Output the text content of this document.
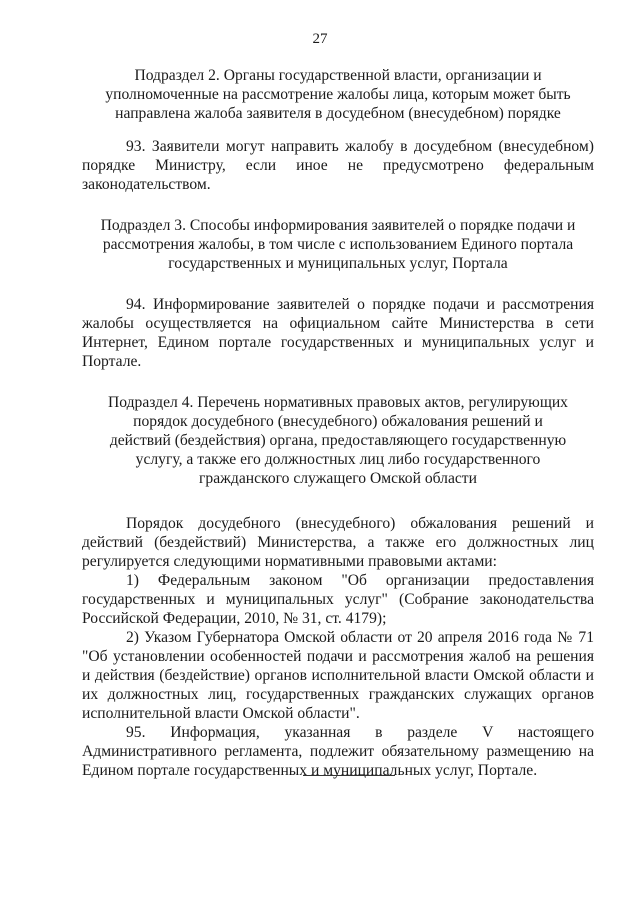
27

Подраздел 2. Органы государственной власти, организации и уполномоченные на рассмотрение жалобы лица, которым может быть направлена жалоба заявителя в досудебном (внесудебном) порядке

93. Заявители могут направить жалобу в досудебном (внесудебном) порядке Министру, если иное не предусмотрено федеральным законодательством.

Подраздел 3. Способы информирования заявителей о порядке подачи и рассмотрения жалобы, в том числе с использованием Единого портала государственных и муниципальных услуг, Портала

94. Информирование заявителей о порядке подачи и рассмотрения жалобы осуществляется на официальном сайте Министерства в сети Интернет, Едином портале государственных и муниципальных услуг и Портале.

Подраздел 4. Перечень нормативных правовых актов, регулирующих порядок досудебного (внесудебного) обжалования решений и действий (бездействия) органа, предоставляющего государственную услугу, а также его должностных лиц либо государственного гражданского служащего Омской области

Порядок досудебного (внесудебного) обжалования решений и действий (бездействий) Министерства, а также его должностных лиц регулируется следующими нормативными правовыми актами:

1) Федеральным законом "Об организации предоставления государственных и муниципальных услуг" (Собрание законодательства Российской Федерации, 2010, № 31, ст. 4179);

2) Указом Губернатора Омской области от 20 апреля 2016 года № 71 "Об установлении особенностей подачи и рассмотрения жалоб на решения и действия (бездействие) органов исполнительной власти Омской области и их должностных лиц, государственных гражданских служащих органов исполнительной власти Омской области".

95. Информация, указанная в разделе V настоящего Административного регламента, подлежит обязательному размещению на Едином портале государственных и муниципальных услуг, Портале.
